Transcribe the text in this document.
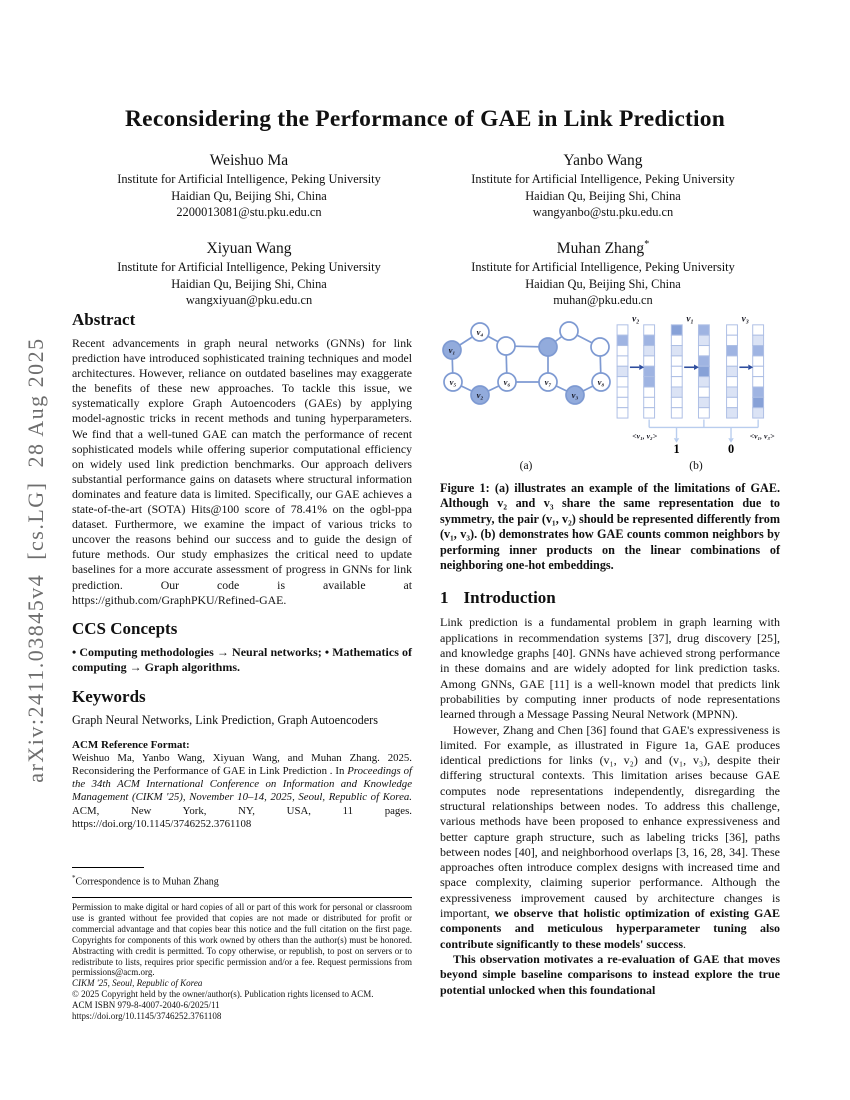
arXiv:2411.03845v4  [cs.LG]  28 Aug 2025
Reconsidering the Performance of GAE in Link Prediction
Weishuo Ma
Institute for Artificial Intelligence, Peking University
Haidian Qu, Beijing Shi, China
2200013081@stu.pku.edu.cn
Yanbo Wang
Institute for Artificial Intelligence, Peking University
Haidian Qu, Beijing Shi, China
wangyanbo@stu.pku.edu.cn
Xiyuan Wang
Institute for Artificial Intelligence, Peking University
Haidian Qu, Beijing Shi, China
wangxiyuan@pku.edu.cn
Muhan Zhang*
Institute for Artificial Intelligence, Peking University
Haidian Qu, Beijing Shi, China
muhan@pku.edu.cn
Abstract

Recent advancements in graph neural networks (GNNs) for link prediction have introduced sophisticated training techniques and model architectures. However, reliance on outdated baselines may exaggerate the benefits of these new approaches. To tackle this issue, we systematically explore Graph Autoencoders (GAEs) by applying model-agnostic tricks in recent methods and tuning hyperparameters. We find that a well-tuned GAE can match the performance of recent sophisticated models while offering superior computational efficiency on widely used link prediction benchmarks. Our approach delivers substantial performance gains on datasets where structural information dominates and feature data is limited. Specifically, our GAE achieves a state-of-the-art (SOTA) Hits@100 score of 78.41% on the ogbl-ppa dataset. Furthermore, we examine the impact of various tricks to uncover the reasons behind our success and to guide the design of future methods. Our study emphasizes the critical need to update baselines for a more accurate assessment of progress in GNNs for link prediction. Our code is available at https://github.com/GraphPKU/Refined-GAE.

CCS Concepts

• Computing methodologies → Neural networks; • Mathematics of computing → Graph algorithms.

Keywords

Graph Neural Networks, Link Prediction, Graph Autoencoders

ACM Reference Format:

Weishuo Ma, Yanbo Wang, Xiyuan Wang, and Muhan Zhang. 2025. Reconsidering the Performance of GAE in Link Prediction . In Proceedings of the 34th ACM International Conference on Information and Knowledge Management (CIKM '25), November 10–14, 2025, Seoul, Republic of Korea. ACM, New York, NY, USA, 11 pages. https://doi.org/10.1145/3746252.3761108

*Correspondence is to Muhan Zhang

Permission to make digital or hard copies of all or part of this work for personal or classroom use is granted without fee provided that copies are not made or distributed for profit or commercial advantage and that copies bear this notice and the full citation on the first page. Copyrights for components of this work owned by others than the author(s) must be honored. Abstracting with credit is permitted. To copy otherwise, or republish, to post on servers or to redistribute to lists, requires prior specific permission and/or a fee. Request permissions from permissions@acm.org.

CIKM '25, Seoul, Republic of Korea
© 2025 Copyright held by the owner/author(s). Publication rights licensed to ACM.
ACM ISBN 979-8-4007-2040-6/2025/11
https://doi.org/10.1145/3746252.3761108
v₁
v₄
v₅
v₂
v₆	v₇
v₃
v₈
(a)
v₂	v₁	v₃
<v₁, v₂>
1
<v₁, v₃>
0
(b)
Figure 1: (a) illustrates an example of the limitations of GAE. Although v₂ and v₃ share the same representation due to symmetry, the pair (v₁, v₂) should be represented differently from (v₁, v₃). (b) demonstrates how GAE counts common neighbors by performing inner products on the linear combinations of neighboring one-hot embeddings.
1 Introduction

Link prediction is a fundamental problem in graph learning with applications in recommendation systems [37], drug discovery [25], and knowledge graphs [40]. GNNs have achieved strong performance in these domains and are widely adopted for link prediction tasks. Among GNNs, GAE [11] is a well-known model that predicts link probabilities by computing inner products of node representations learned through a Message Passing Neural Network (MPNN).

However, Zhang and Chen [36] found that GAE's expressiveness is limited. For example, as illustrated in Figure 1a, GAE produces identical predictions for links (v₁, v₂) and (v₁, v₃), despite their differing structural contexts. This limitation arises because GAE computes node representations independently, disregarding the structural relationships between nodes. To address this challenge, various methods have been proposed to enhance expressiveness and better capture graph structure, such as labeling tricks [36], paths between nodes [40], and neighborhood overlaps [3, 16, 28, 34]. These approaches often introduce complex designs with increased time and space complexity, claiming superior performance. Although the expressiveness improvement caused by architecture changes is important, we observe that holistic optimization of existing GAE components and meticulous hyperparameter tuning also contribute significantly to these models' success.

This observation motivates a re-evaluation of GAE that moves beyond simple baseline comparisons to instead explore the true potential unlocked when this foundational
